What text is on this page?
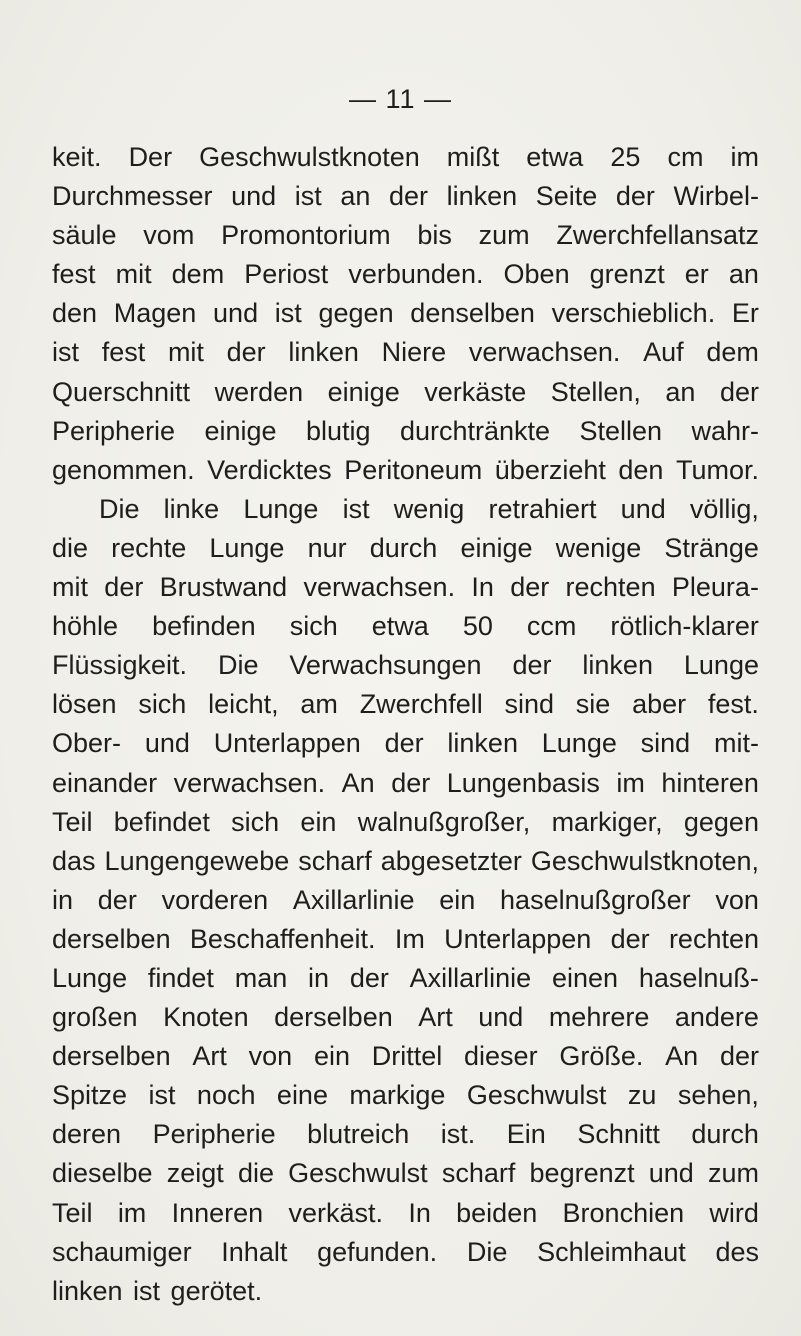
— 11 —
keit. Der Geschwulstknoten mißt etwa 25 cm im
Durchmesser und ist an der linken Seite der Wirbel-
säule vom Promontorium bis zum Zwerchfellansatz
fest mit dem Periost verbunden. Oben grenzt er an
den Magen und ist gegen denselben verschieblich. Er
ist fest mit der linken Niere verwachsen. Auf dem
Querschnitt werden einige verkäste Stellen, an der
Peripherie einige blutig durchtränkte Stellen wahr-
genommen. Verdicktes Peritoneum überzieht den Tumor.
Die linke Lunge ist wenig retrahiert und völlig,
die rechte Lunge nur durch einige wenige Stränge
mit der Brustwand verwachsen. In der rechten Pleura-
höhle befinden sich etwa 50 ccm rötlich-klarer
Flüssigkeit. Die Verwachsungen der linken Lunge
lösen sich leicht, am Zwerchfell sind sie aber fest.
Ober- und Unterlappen der linken Lunge sind mit-
einander verwachsen. An der Lungenbasis im hinteren
Teil befindet sich ein walnußgroßer, markiger, gegen
das Lungengewebe scharf abgesetzter Geschwulstknoten,
in der vorderen Axillarlinie ein haselnußgroßer von
derselben Beschaffenheit. Im Unterlappen der rechten
Lunge findet man in der Axillarlinie einen haselnuß-
großen Knoten derselben Art und mehrere andere
derselben Art von ein Drittel dieser Größe. An der
Spitze ist noch eine markige Geschwulst zu sehen,
deren Peripherie blutreich ist. Ein Schnitt durch
dieselbe zeigt die Geschwulst scharf begrenzt und zum
Teil im Inneren verkäst. In beiden Bronchien wird
schaumiger Inhalt gefunden. Die Schleimhaut des
linken ist gerötet.
